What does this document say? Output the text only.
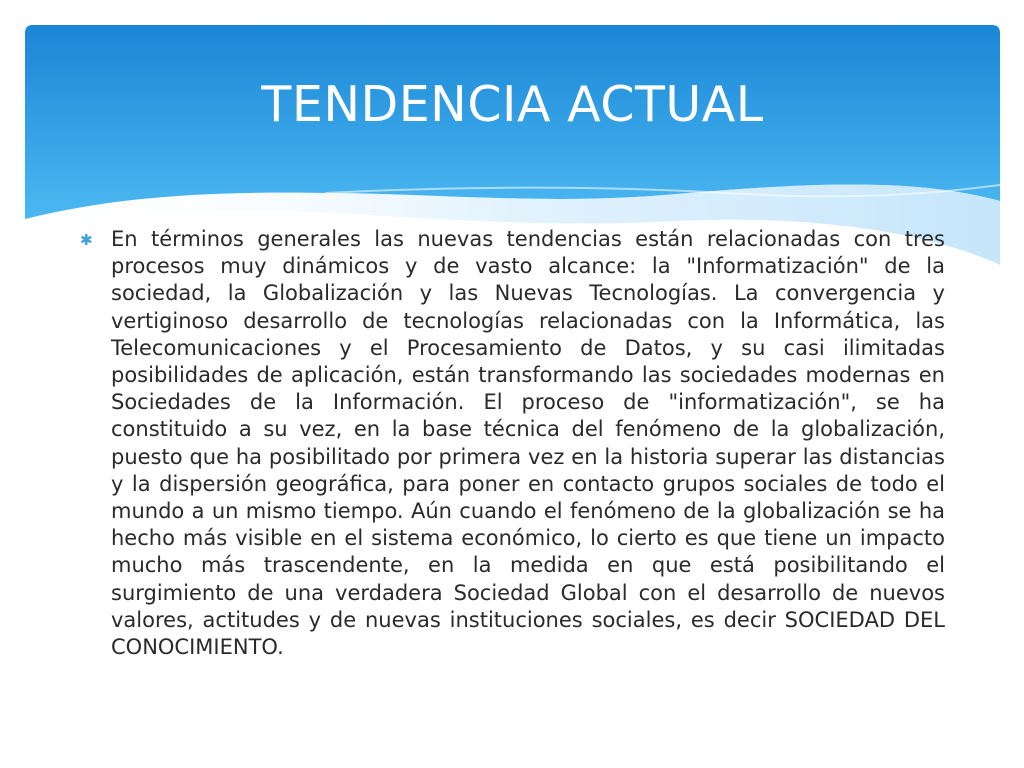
TENDENCIA ACTUAL
✱ En términos generales las nuevas tendencias están relacionadas con tres procesos muy dinámicos y de vasto alcance: la "Informatización" de la sociedad, la Globalización y las Nuevas Tecnologías. La convergencia y vertiginoso desarrollo de tecnologías relacionadas con la Informática, las Telecomunicaciones y el Procesamiento de Datos, y su casi ilimitadas posibilidades de aplicación, están transformando las sociedades modernas en Sociedades de la Información. El proceso de "informatización", se ha constituido a su vez, en la base técnica del fenómeno de la globalización, puesto que ha posibilitado por primera vez en la historia superar las distancias y la dispersión geográfica, para poner en contacto grupos sociales de todo el mundo a un mismo tiempo. Aún cuando el fenómeno de la globalización se ha hecho más visible en el sistema económico, lo cierto es que tiene un impacto mucho más trascendente, en la medida en que está posibilitando el surgimiento de una verdadera Sociedad Global con el desarrollo de nuevos valores, actitudes y de nuevas instituciones sociales, es decir SOCIEDAD DEL CONOCIMIENTO.
